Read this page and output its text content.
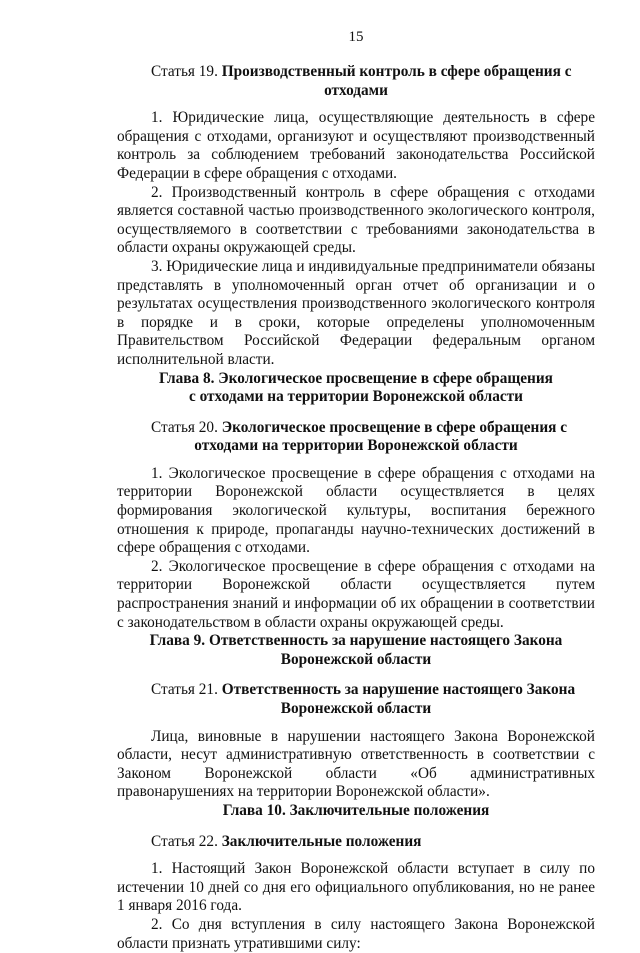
15

Статья 19. Производственный контроль в сфере обращения с
отходами

1. Юридические лица, осуществляющие деятельность в сфере обращения с отходами, организуют и осуществляют производственный контроль за соблюдением требований законодательства Российской Федерации в сфере обращения с отходами.

2. Производственный контроль в сфере обращения с отходами является составной частью производственного экологического контроля, осуществляемого в соответствии с требованиями законодательства в области охраны окружающей среды.

3. Юридические лица и индивидуальные предприниматели обязаны представлять в уполномоченный орган отчет об организации и о результатах осуществления производственного экологического контроля в порядке и в сроки, которые определены уполномоченным Правительством Российской Федерации федеральным органом исполнительной власти.

Глава 8. Экологическое просвещение в сфере обращения
с отходами на территории Воронежской области

Статья 20. Экологическое просвещение в сфере обращения с
отходами на территории Воронежской области

1. Экологическое просвещение в сфере обращения с отходами на территории Воронежской области осуществляется в целях формирования экологической культуры, воспитания бережного отношения к природе, пропаганды научно-технических достижений в сфере обращения с отходами.

2. Экологическое просвещение в сфере обращения с отходами на территории Воронежской области осуществляется путем распространения знаний и информации об их обращении в соответствии с законодательством в области охраны окружающей среды.

Глава 9. Ответственность за нарушение настоящего Закона
Воронежской области

Статья 21. Ответственность за нарушение настоящего Закона
Воронежской области

Лица, виновные в нарушении настоящего Закона Воронежской области, несут административную ответственность в соответствии с Законом Воронежской области «Об административных правонарушениях на территории Воронежской области».

Глава 10. Заключительные положения

Статья 22. Заключительные положения

1. Настоящий Закон Воронежской области вступает в силу по истечении 10 дней со дня его официального опубликования, но не ранее 1 января 2016 года.

2. Со дня вступления в силу настоящего Закона Воронежской области признать утратившими силу:
